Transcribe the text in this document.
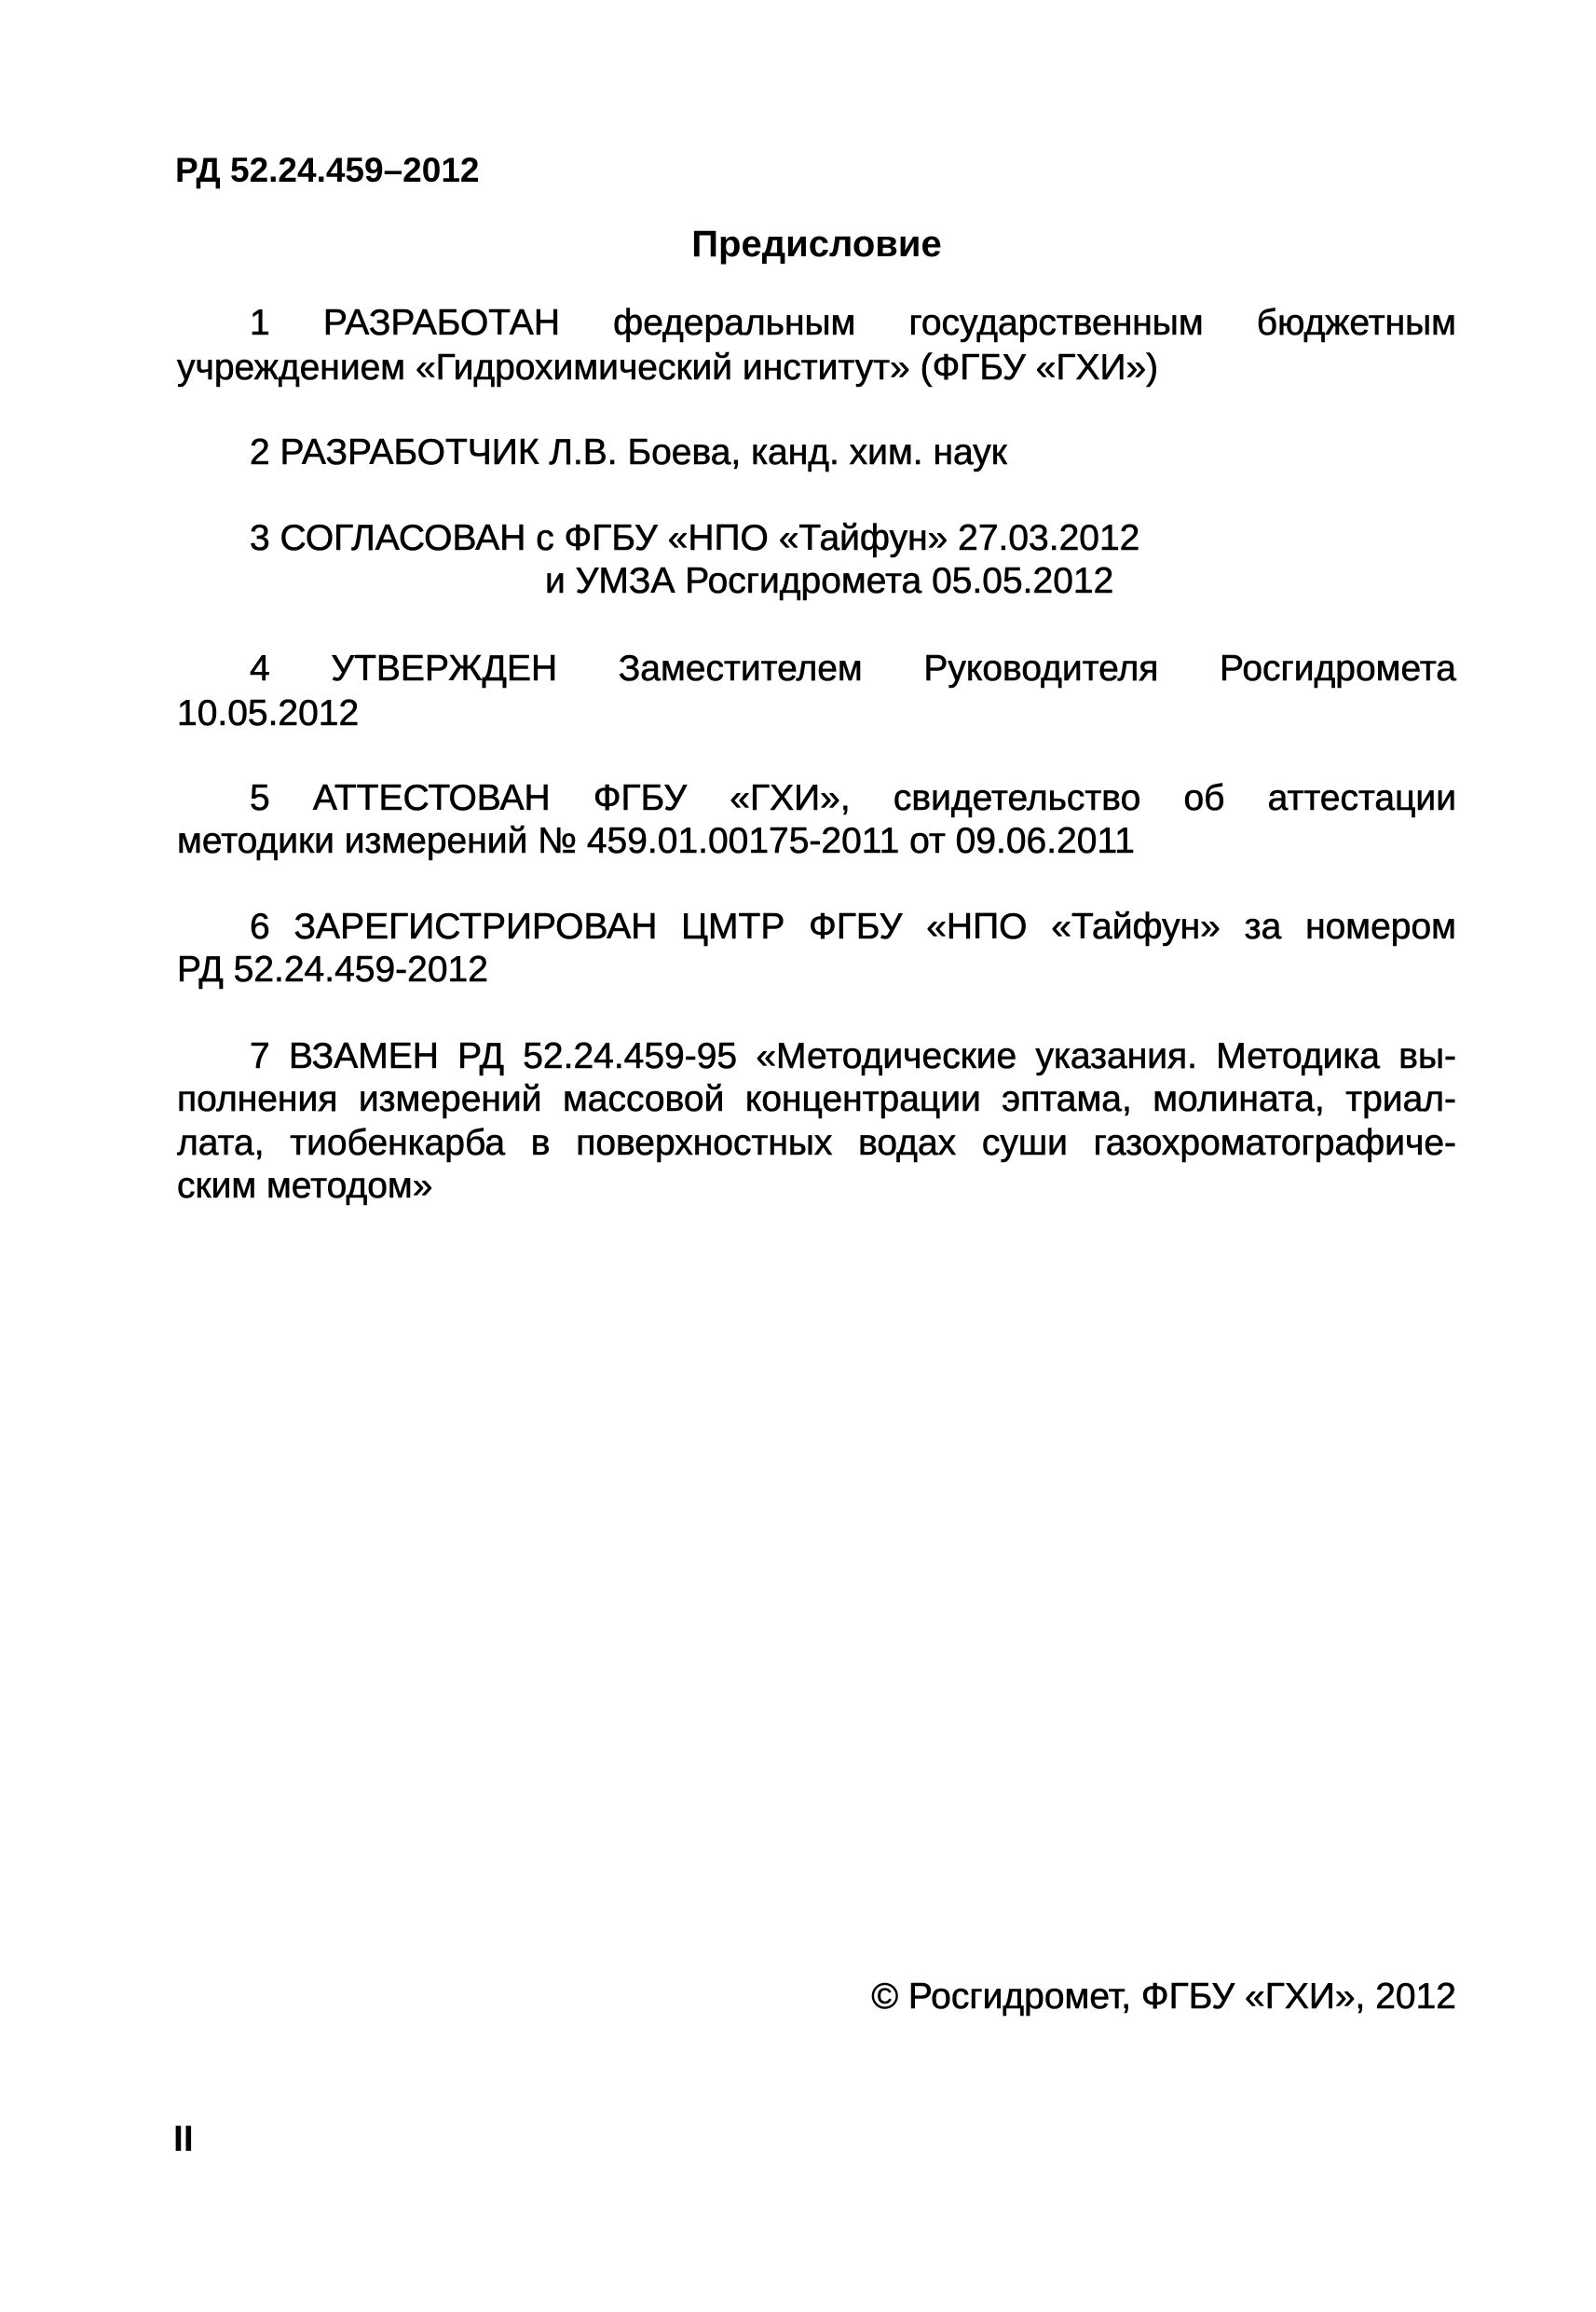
РД 52.24.459–2012
Предисловие
1 РАЗРАБОТАН федеральным государственным бюджетным
учреждением «Гидрохимический институт» (ФГБУ «ГХИ»)
2 РАЗРАБОТЧИК Л.В. Боева, канд. хим. наук
3 СОГЛАСОВАН с ФГБУ «НПО «Тайфун» 27.03.2012
и УМЗА Росгидромета 05.05.2012
4 УТВЕРЖДЕН Заместителем Руководителя Росгидромета
10.05.2012
5 АТТЕСТОВАН ФГБУ «ГХИ», свидетельство об аттестации
методики измерений № 459.01.00175-2011 от 09.06.2011
6 ЗАРЕГИСТРИРОВАН ЦМТР ФГБУ «НПО «Тайфун» за номером
РД 52.24.459-2012
7 ВЗАМЕН РД 52.24.459-95 «Методические указания. Методика вы-
полнения измерений массовой концентрации эптама, молината, триал-
лата, тиобенкарба в поверхностных водах суши газохроматографиче-
ским методом»
© Росгидромет, ФГБУ «ГХИ», 2012
II
